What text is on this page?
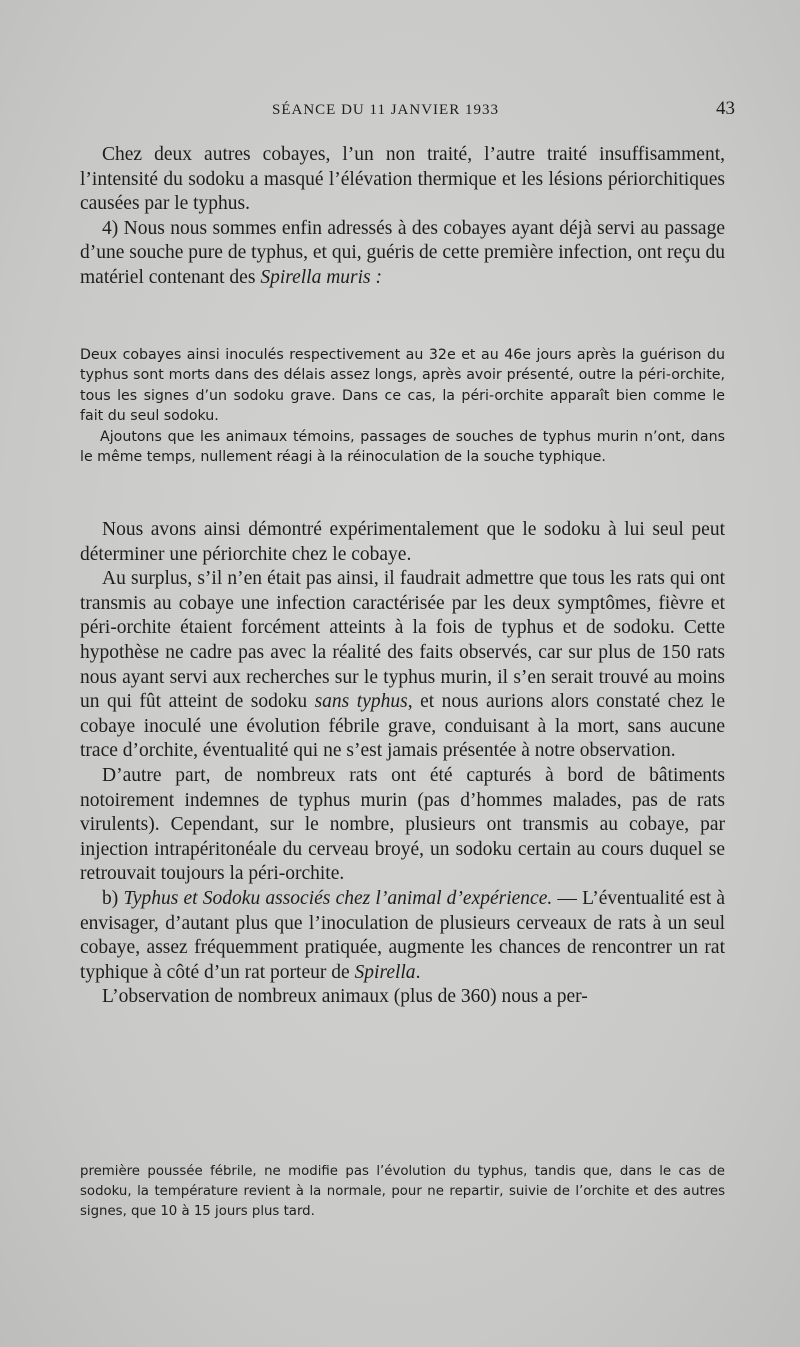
SÉANCE DU 11 JANVIER 1933	43

Chez deux autres cobayes, l’un non traité, l’autre traité insuffisamment, l’intensité du sodoku a masqué l’élévation thermique et les lésions périorchitiques causées par le typhus.

4) Nous nous sommes enfin adressés à des cobayes ayant déjà servi au passage d’une souche pure de typhus, et qui, guéris de cette première infection, ont reçu du matériel contenant des Spirella muris :

Deux cobayes ainsi inoculés respectivement au 32e et au 46e jours après la guérison du typhus sont morts dans des délais assez longs, après avoir présenté, outre la péri-orchite, tous les signes d’un sodoku grave. Dans ce cas, la péri-orchite apparaît bien comme le fait du seul sodoku.

Ajoutons que les animaux témoins, passages de souches de typhus murin n’ont, dans le même temps, nullement réagi à la réinoculation de la souche typhique.

Nous avons ainsi démontré expérimentalement que le sodoku à lui seul peut déterminer une périorchite chez le cobaye.

Au surplus, s’il n’en était pas ainsi, il faudrait admettre que tous les rats qui ont transmis au cobaye une infection caractérisée par les deux symptômes, fièvre et péri-orchite étaient forcément atteints à la fois de typhus et de sodoku. Cette hypothèse ne cadre pas avec la réalité des faits observés, car sur plus de 150 rats nous ayant servi aux recherches sur le typhus murin, il s’en serait trouvé au moins un qui fût atteint de sodoku sans typhus, et nous aurions alors constaté chez le cobaye inoculé une évolution fébrile grave, conduisant à la mort, sans aucune trace d’orchite, éventualité qui ne s’est jamais présentée à notre observation.

D’autre part, de nombreux rats ont été capturés à bord de bâtiments notoirement indemnes de typhus murin (pas d’hommes malades, pas de rats virulents). Cependant, sur le nombre, plusieurs ont transmis au cobaye, par injection intrapéritonéale du cerveau broyé, un sodoku certain au cours duquel se retrouvait toujours la péri-orchite.

b) Typhus et Sodoku associés chez l’animal d’expérience. — L’éventualité est à envisager, d’autant plus que l’inoculation de plusieurs cerveaux de rats à un seul cobaye, assez fréquemment pratiquée, augmente les chances de rencontrer un rat typhique à côté d’un rat porteur de Spirella.

L’observation de nombreux animaux (plus de 360) nous a per-

première poussée fébrile, ne modifie pas l’évolution du typhus, tandis que, dans le cas de sodoku, la température revient à la normale, pour ne repartir, suivie de l’orchite et des autres signes, que 10 à 15 jours plus tard.
